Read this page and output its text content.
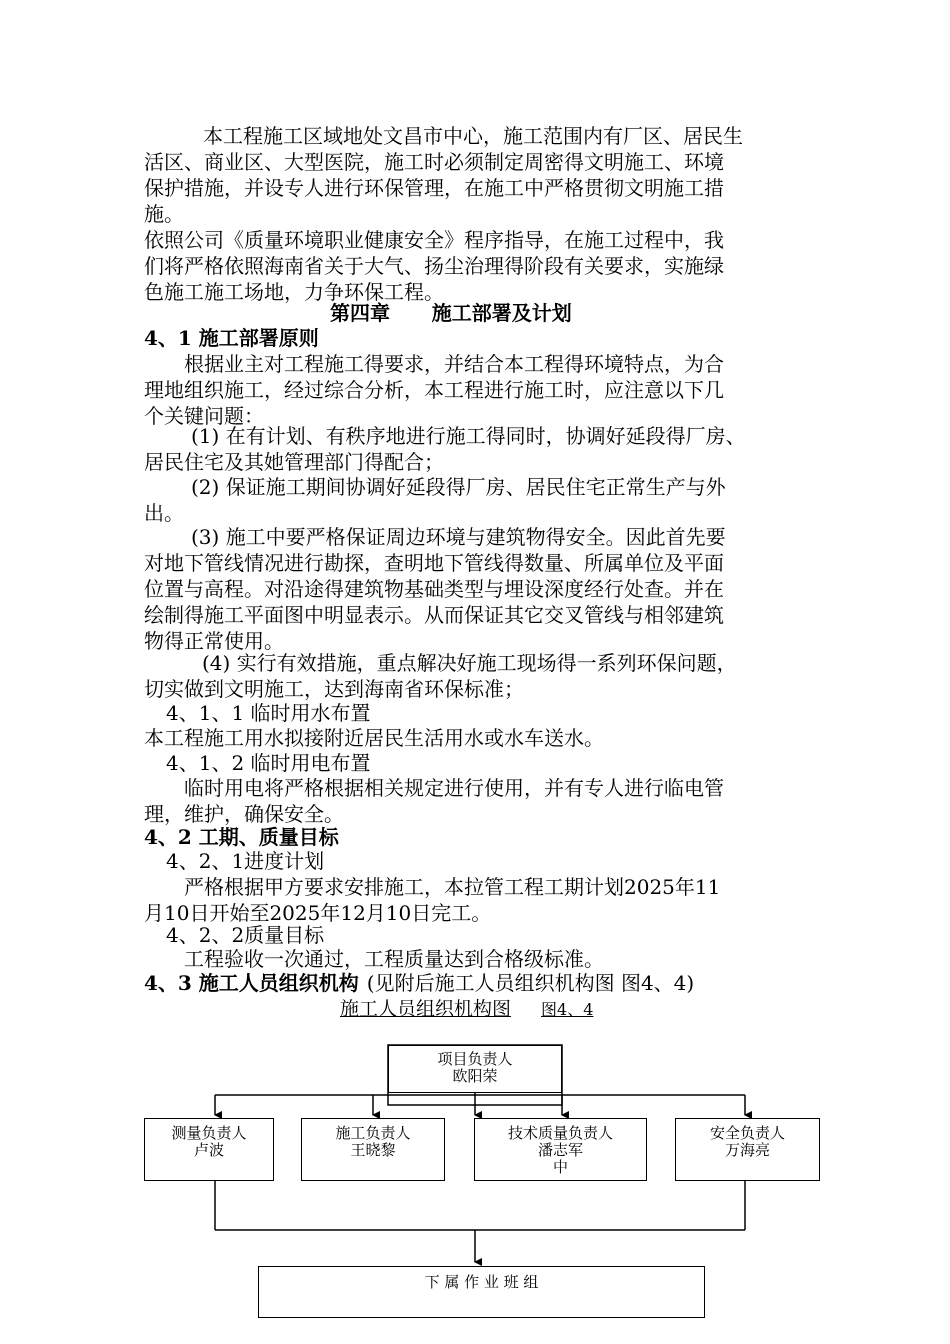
本工程施工区域地处文昌市中心，施工范围内有厂区、居民生
活区、商业区、大型医院，施工时必须制定周密得文明施工、环境
保护措施，并设专人进行环保管理，在施工中严格贯彻文明施工措
施。
依照公司《质量环境职业健康安全》程序指导，在施工过程中，我
们将严格依照海南省关于大气、扬尘治理得阶段有关要求，实施绿
色施工施工场地，力争环保工程。
第四章      施工部署及计划
4、1 施工部署原则
根据业主对工程施工得要求，并结合本工程得环境特点，为合
理地组织施工，经过综合分析，本工程进行施工时，应注意以下几
个关键问题：
(1) 在有计划、有秩序地进行施工得同时，协调好延段得厂房、
居民住宅及其她管理部门得配合；
(2) 保证施工期间协调好延段得厂房、居民住宅正常生产与外
出。
(3) 施工中要严格保证周边环境与建筑物得安全。因此首先要
对地下管线情况进行勘探，查明地下管线得数量、所属单位及平面
位置与高程。对沿途得建筑物基础类型与埋设深度经行处查。并在
绘制得施工平面图中明显表示。从而保证其它交叉管线与相邻建筑
物得正常使用。
(4) 实行有效措施，重点解决好施工现场得一系列环保问题，
切实做到文明施工，达到海南省环保标准；
4、1、1 临时用水布置
本工程施工用水拟接附近居民生活用水或水车送水。
4、1、2 临时用电布置
临时用电将严格根据相关规定进行使用，并有专人进行临电管
理，维护，确保安全。
4、2 工期、质量目标
4、2、1进度计划
严格根据甲方要求安排施工，本拉管工程工期计划2025年11
月10日开始至2025年12月10日完工。
4、2、2质量目标
工程验收一次通过，工程质量达到合格级标准。
4、3 施工人员组织机构 (见附后施工人员组织机构图 图4、4)
施工人员组织机构图 图4、4
项目负责人
欧阳荣
测量负责人
卢波
施工负责人
王晓黎
技术质量负责人
潘志军
中
安全负责人
万海亮
下 属 作 业 班 组
